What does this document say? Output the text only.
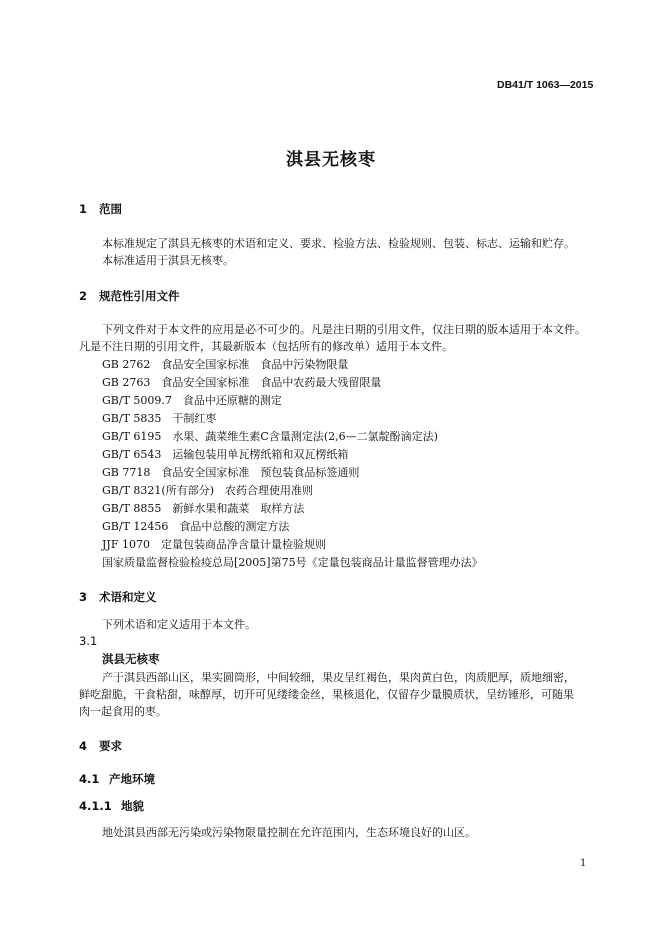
DB41/T 1063—2015
淇县无核枣
1 范围
本标准规定了淇县无核枣的术语和定义、要求、检验方法、检验规则、包装、标志、运输和贮存。
本标准适用于淇县无核枣。
2 规范性引用文件
下列文件对于本文件的应用是必不可少的。凡是注日期的引用文件，仅注日期的版本适用于本文件。
凡是不注日期的引用文件，其最新版本（包括所有的修改单）适用于本文件。
GB 2762　食品安全国家标准　食品中污染物限量
GB 2763　食品安全国家标准　食品中农药最大残留限量
GB/T 5009.7　食品中还原糖的测定
GB/T 5835　干制红枣
GB/T 6195　水果、蔬菜维生素C含量测定法(2,6—二氯靛酚滴定法)
GB/T 6543　运输包装用单瓦楞纸箱和双瓦楞纸箱
GB 7718　食品安全国家标准　预包装食品标签通则
GB/T 8321(所有部分)　农药合理使用准则
GB/T 8855　新鲜水果和蔬菜　取样方法
GB/T 12456　食品中总酸的测定方法
JJF 1070　定量包装商品净含量计量检验规则
国家质量监督检验检疫总局[2005]第75号《定量包装商品计量监督管理办法》
3 术语和定义
下列术语和定义适用于本文件。
3.1
淇县无核枣
产于淇县西部山区，果实圆筒形，中间较细，果皮呈红褐色，果肉黄白色，肉质肥厚，质地细密，
鲜吃甜脆，干食粘甜，味醇厚，切开可见缕缕金丝，果核退化，仅留存少量膜质状，呈纺锤形，可随果
肉一起食用的枣。
4 要求
4.1 产地环境
4.1.1 地貌
地处淇县西部无污染或污染物限量控制在允许范围内，生态环境良好的山区。
1
